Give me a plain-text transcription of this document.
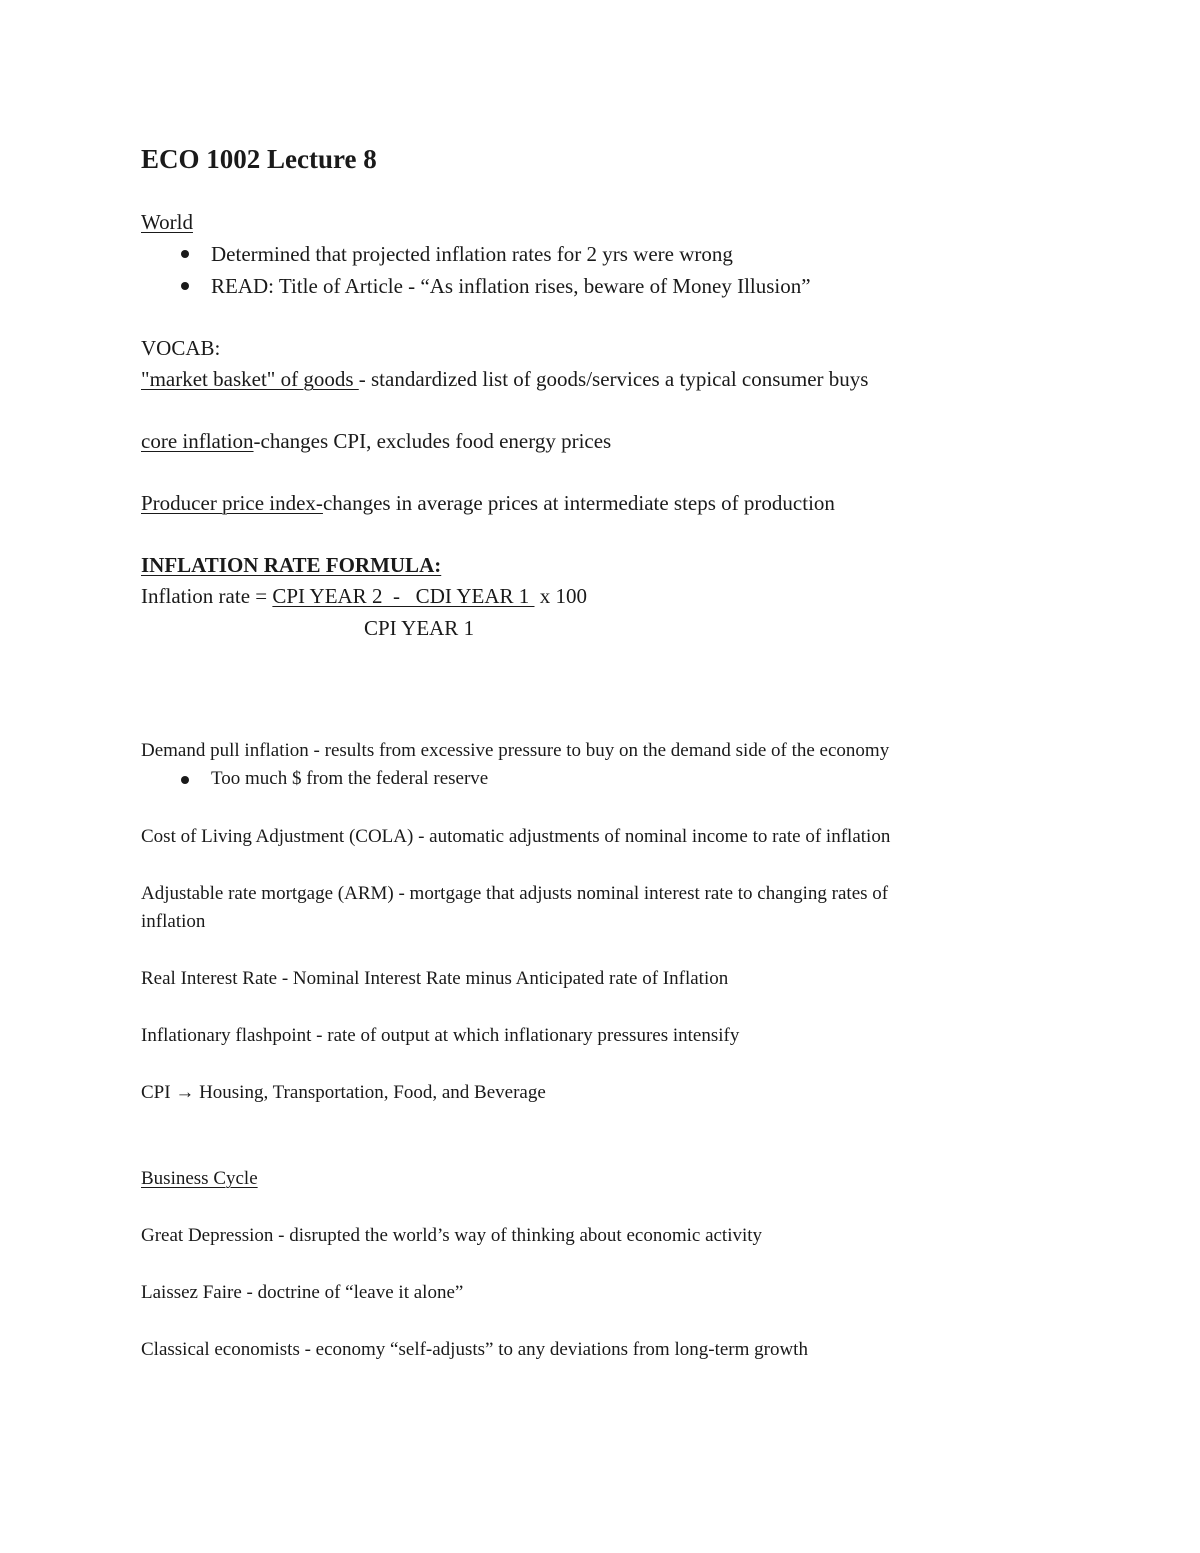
ECO 1002 Lecture 8
World
Determined that projected inflation rates for 2 yrs were wrong
READ: Title of Article - “As inflation rises, beware of Money Illusion”
VOCAB:
"market basket" of goods - standardized list of goods/services a typical consumer buys
core inflation-changes CPI, excludes food energy prices
Producer price index-changes in average prices at intermediate steps of production
INFLATION RATE FORMULA:
Inflation rate = CPI YEAR 2  -   CDI YEAR 1  x 100
CPI YEAR 1
Demand pull inflation - results from excessive pressure to buy on the demand side of the economy
Too much $ from the federal reserve
Cost of Living Adjustment (COLA) - automatic adjustments of nominal income to rate of inflation
Adjustable rate mortgage (ARM) - mortgage that adjusts nominal interest rate to changing rates of
inflation
Real Interest Rate - Nominal Interest Rate minus Anticipated rate of Inflation
Inflationary flashpoint - rate of output at which inflationary pressures intensify
CPI → Housing, Transportation, Food, and Beverage
Business Cycle
Great Depression - disrupted the world’s way of thinking about economic activity
Laissez Faire - doctrine of “leave it alone”
Classical economists - economy “self-adjusts” to any deviations from long-term growth
